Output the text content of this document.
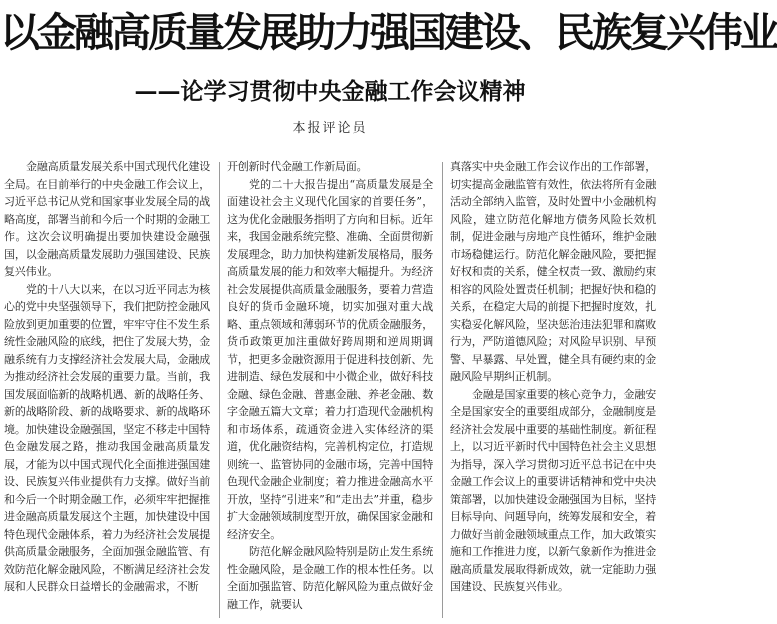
以金融高质量发展助力强国建设、民族复兴伟业
——论学习贯彻中央金融工作会议精神
本报评论员

金融高质量发展关系中国式现代化建设全局。在目前举行的中央金融工作会议上，习近平总书记从党和国家事业发展全局的战略高度，部署当前和今后一个时期的金融工作。这次会议明确提出要加快建设金融强国，以金融高质量发展助力强国建设、民族复兴伟业。

党的十八大以来，在以习近平同志为核心的党中央坚强领导下，我们把防控金融风险放到更加重要的位置，牢牢守住不发生系统性金融风险的底线，把住了发展大势，金融系统有力支撑经济社会发展大局，金融成为推动经济社会发展的重要力量。当前，我国发展面临新的战略机遇、新的战略任务、新的战略阶段、新的战略要求、新的战略环境。加快建设金融强国，坚定不移走中国特色金融发展之路，推动我国金融高质量发展，才能为以中国式现代化全面推进强国建设、民族复兴伟业提供有力支撑。做好当前和今后一个时期金融工作，必须牢牢把握推进金融高质量发展这个主题，加快建设中国特色现代金融体系，着力为经济社会发展提供高质量金融服务，全面加强金融监管、有效防范化解金融风险，不断满足经济社会发展和人民群众日益增长的金融需求，不断

开创新时代金融工作新局面。

党的二十大报告提出“高质量发展是全面建设社会主义现代化国家的首要任务”，这为优化金融服务指明了方向和目标。近年来，我国金融系统完整、准确、全面贯彻新发展理念，助力加快构建新发展格局，服务高质量发展的能力和效率大幅提升。为经济社会发展提供高质量金融服务，要着力营造良好的货币金融环境，切实加强对重大战略、重点领域和薄弱环节的优质金融服务，货币政策更加注重做好跨周期和逆周期调节，把更多金融资源用于促进科技创新、先进制造、绿色发展和中小微企业，做好科技金融、绿色金融、普惠金融、养老金融、数字金融五篇大文章；着力打造现代金融机构和市场体系，疏通资金进入实体经济的渠道，优化融资结构，完善机构定位，打造规则统一、监管协同的金融市场，完善中国特色现代金融企业制度；着力推进金融高水平开放，坚持“引进来”和“走出去”并重，稳步扩大金融领域制度型开放，确保国家金融和经济安全。

防范化解金融风险特别是防止发生系统性金融风险，是金融工作的根本性任务。以全面加强监管、防范化解风险为重点做好金融工作，就要认

真落实中央金融工作会议作出的工作部署，切实提高金融监管有效性，依法将所有金融活动全部纳入监管，及时处置中小金融机构风险，建立防范化解地方债务风险长效机制，促进金融与房地产良性循环，维护金融市场稳健运行。防范化解金融风险，要把握好权和责的关系，健全权责一致、激励约束相容的风险处置责任机制；把握好快和稳的关系，在稳定大局的前提下把握时度效，扎实稳妥化解风险，坚决惩治违法犯罪和腐败行为，严防道德风险；对风险早识别、早预警、早暴露、早处置，健全具有硬约束的金融风险早期纠正机制。

金融是国家重要的核心竞争力，金融安全是国家安全的重要组成部分，金融制度是经济社会发展中重要的基础性制度。新征程上，以习近平新时代中国特色社会主义思想为指导，深入学习贯彻习近平总书记在中央金融工作会议上的重要讲话精神和党中央决策部署，以加快建设金融强国为目标，坚持目标导向、问题导向，统筹发展和安全，着力做好当前金融领域重点工作，加大政策实施和工作推进力度，以新气象新作为推进金融高质量发展取得新成效，就一定能助力强国建设、民族复兴伟业。
